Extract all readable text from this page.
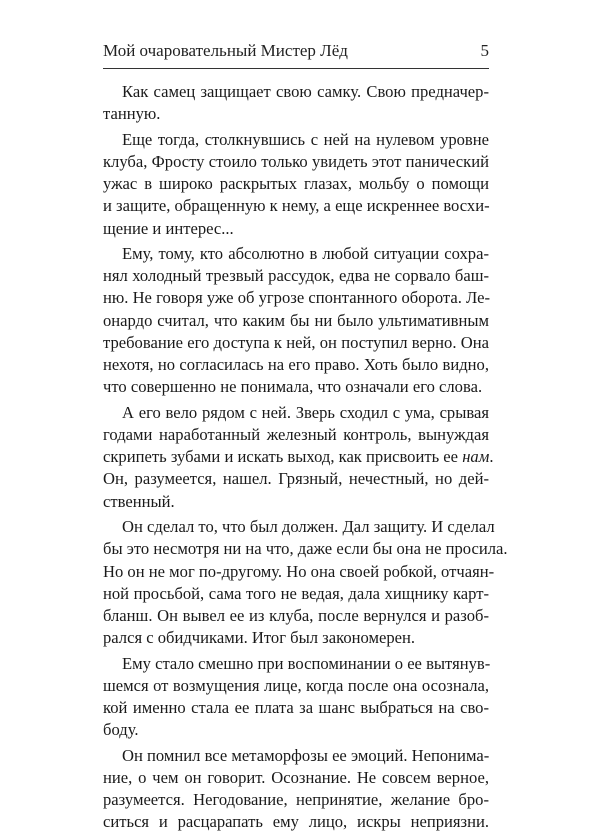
Мой очаровательный Мистер Лёд	5
Как самец защищает свою самку. Свою предначер-
танную.
Еще тогда, столкнувшись с ней на нулевом уровне
клуба, Фросту стоило только увидеть этот панический
ужас в широко раскрытых глазах, мольбу о помощи
и защите, обращенную к нему, а еще искреннее восхи-
щение и интерес...
Ему, тому, кто абсолютно в любой ситуации сохра-
нял холодный трезвый рассудок, едва не сорвало баш-
ню. Не говоря уже об угрозе спонтанного оборота. Ле-
онардо считал, что каким бы ни было ультимативным
требование его доступа к ней, он поступил верно. Она
нехотя, но согласилась на его право. Хоть было видно,
что совершенно не понимала, что означали его слова.
А его вело рядом с ней. Зверь сходил с ума, срывая
годами наработанный железный контроль, вынуждая
скрипеть зубами и искать выход, как присвоить ее нам.
Он, разумеется, нашел. Грязный, нечестный, но дей-
ственный.
Он сделал то, что был должен. Дал защиту. И сделал
бы это несмотря ни на что, даже если бы она не просила.
Но он не мог по-другому. Но она своей робкой, отчаян-
ной просьбой, сама того не ведая, дала хищнику карт-
бланш. Он вывел ее из клуба, после вернулся и разоб-
рался с обидчиками. Итог был закономерен.
Ему стало смешно при воспоминании о ее вытянув-
шемся от возмущения лице, когда после она осознала,
кой именно стала ее плата за шанс выбраться на сво-
боду.
Он помнил все метаморфозы ее эмоций. Непонима-
ние, о чем он говорит. Осознание. Не совсем верное,
разумеется. Негодование, непринятие, желание бро-
ситься и расцарапать ему лицо, искры неприязни.
